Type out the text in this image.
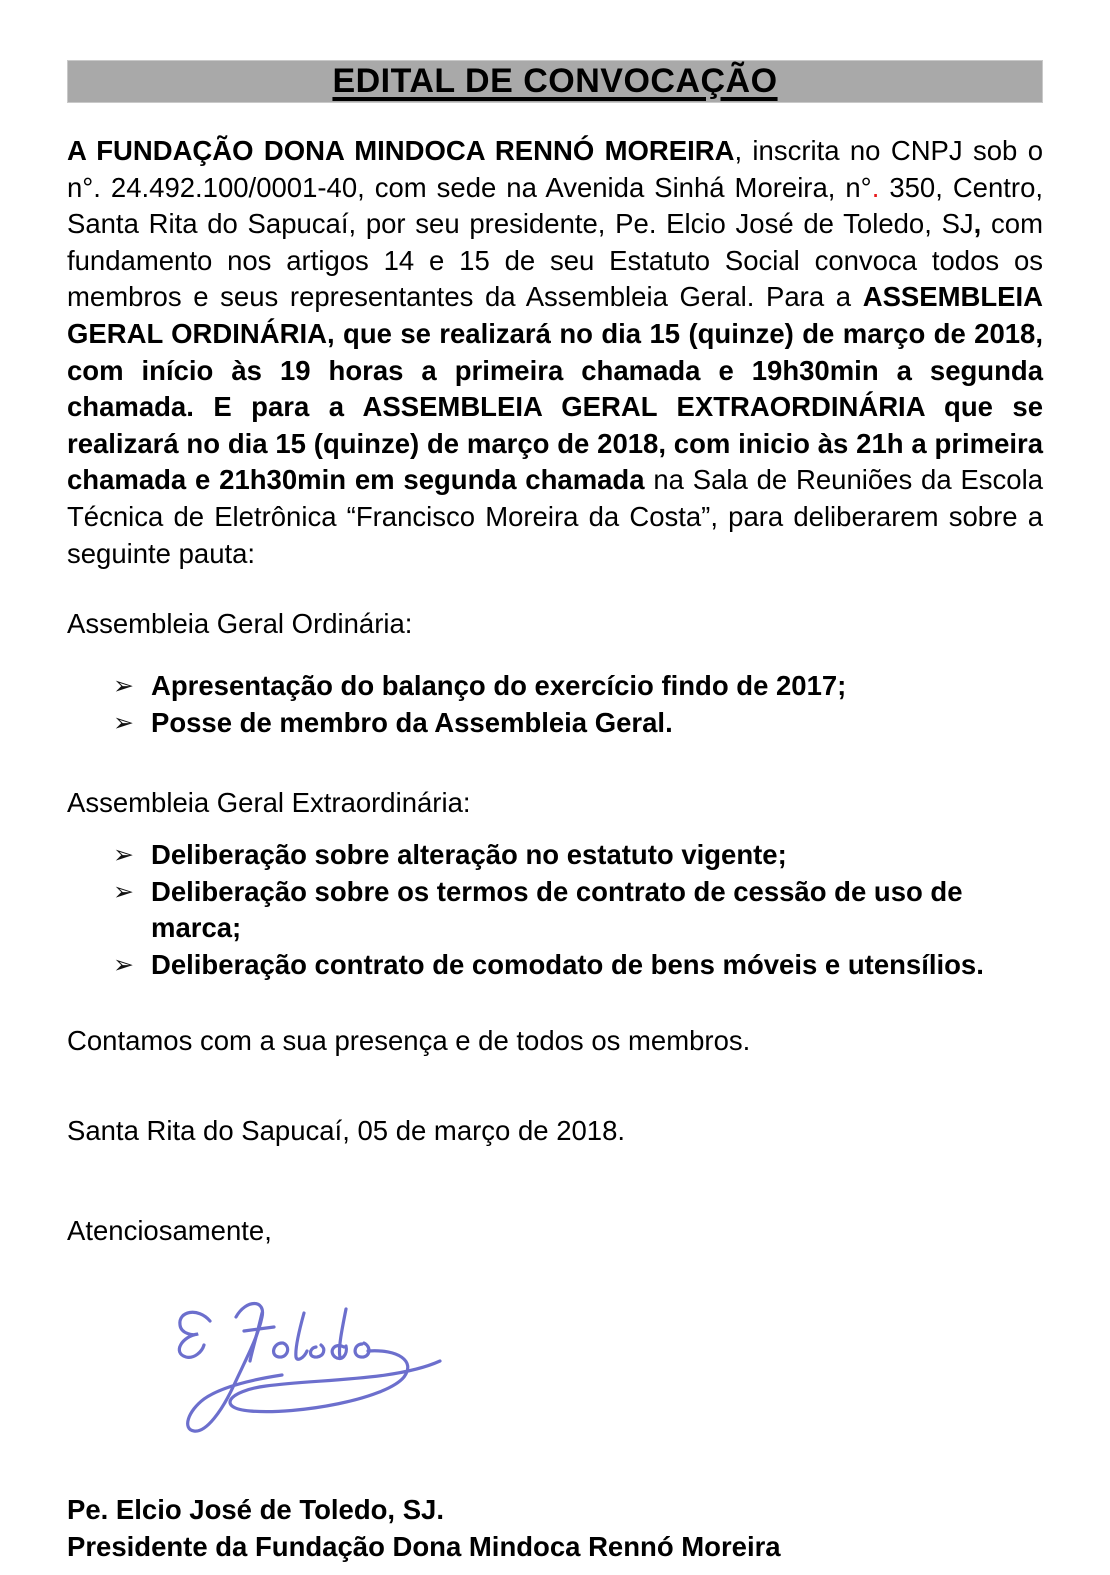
EDITAL DE CONVOCAÇÃO

A FUNDAÇÃO DONA MINDOCA RENNÓ MOREIRA, inscrita no CNPJ sob o n°. 24.492.100/0001-40, com sede na Avenida Sinhá Moreira, n°. 350, Centro, Santa Rita do Sapucaí, por seu presidente, Pe. Elcio José de Toledo, SJ, com fundamento nos artigos 14 e 15 de seu Estatuto Social convoca todos os membros e seus representantes da Assembleia Geral. Para a ASSEMBLEIA GERAL ORDINÁRIA, que se realizará no dia 15 (quinze) de março de 2018, com início às 19 horas a primeira chamada e 19h30min a segunda chamada. E para a ASSEMBLEIA GERAL EXTRAORDINÁRIA que se realizará no dia 15 (quinze) de março de 2018, com inicio às 21h a primeira chamada e 21h30min em segunda chamada na Sala de Reuniões da Escola Técnica de Eletrônica “Francisco Moreira da Costa”, para deliberarem sobre a seguinte pauta:

Assembleia Geral Ordinária:
➢ Apresentação do balanço do exercício findo de 2017;
➢ Posse de membro da Assembleia Geral.
Assembleia Geral Extraordinária:
➢ Deliberação sobre alteração no estatuto vigente;
➢ Deliberação sobre os termos de contrato de cessão de uso de marca;
➢ Deliberação contrato de comodato de bens móveis e utensílios.
Contamos com a sua presença e de todos os membros.
Santa Rita do Sapucaí, 05 de março de 2018.
Atenciosamente,
Pe. Elcio José de Toledo, SJ.
Presidente da Fundação Dona Mindoca Rennó Moreira
